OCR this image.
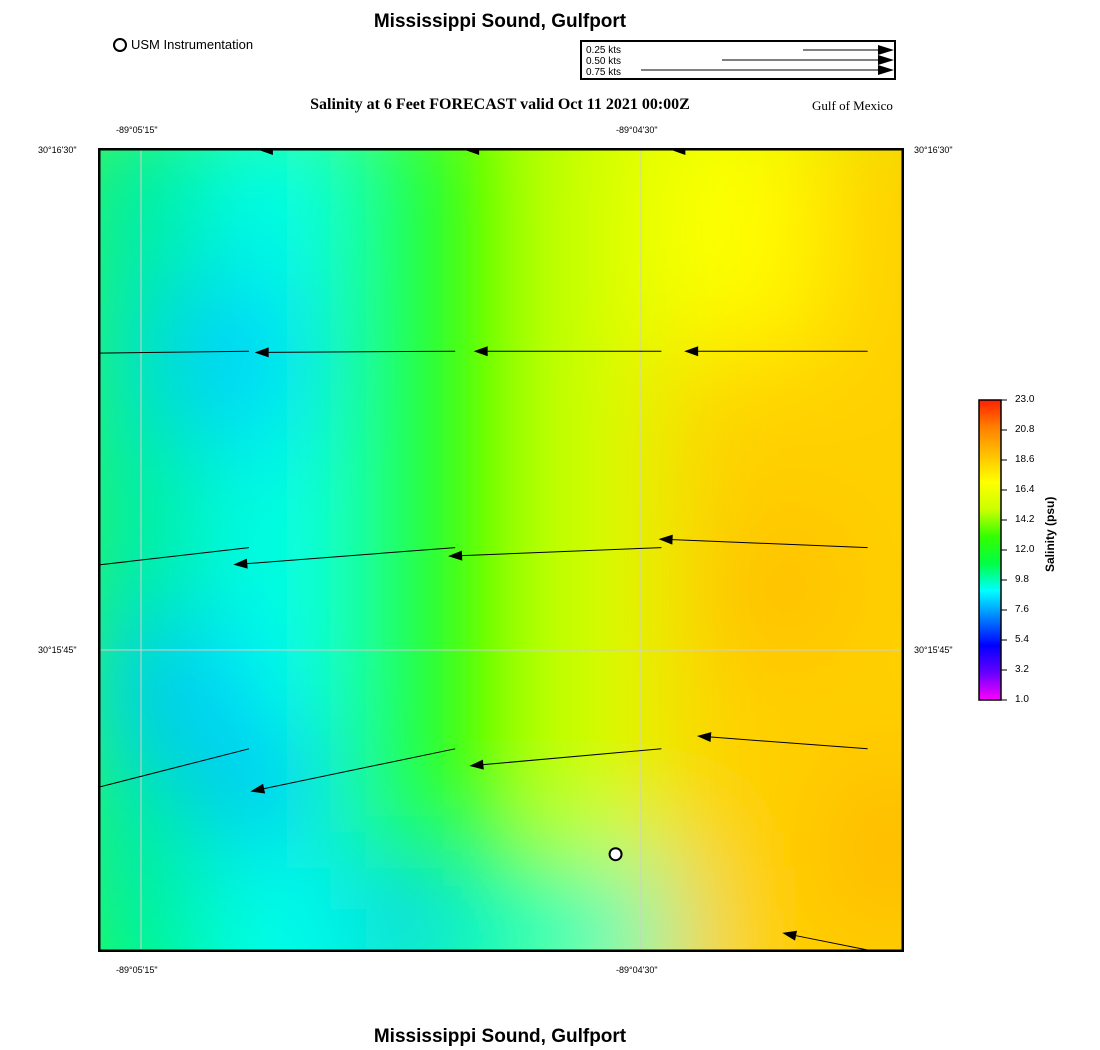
Mississippi Sound, Gulfport
USM Instrumentation	0.25 kts
0.50 kts
0.75 kts
Salinity at 6 Feet FORECAST valid Oct 11 2021 00:00Z	Gulf of Mexico
-89°05'15"	-89°04'30"
-89°05'15"	-89°04'30"
30°16'30"
30°15'45"
30°16'30"
30°15'45"
23.0
20.8
18.6
16.4
14.2
12.0
9.8
7.6
5.4
3.2
1.0
Salinity (psu)
Mississippi Sound, Gulfport
